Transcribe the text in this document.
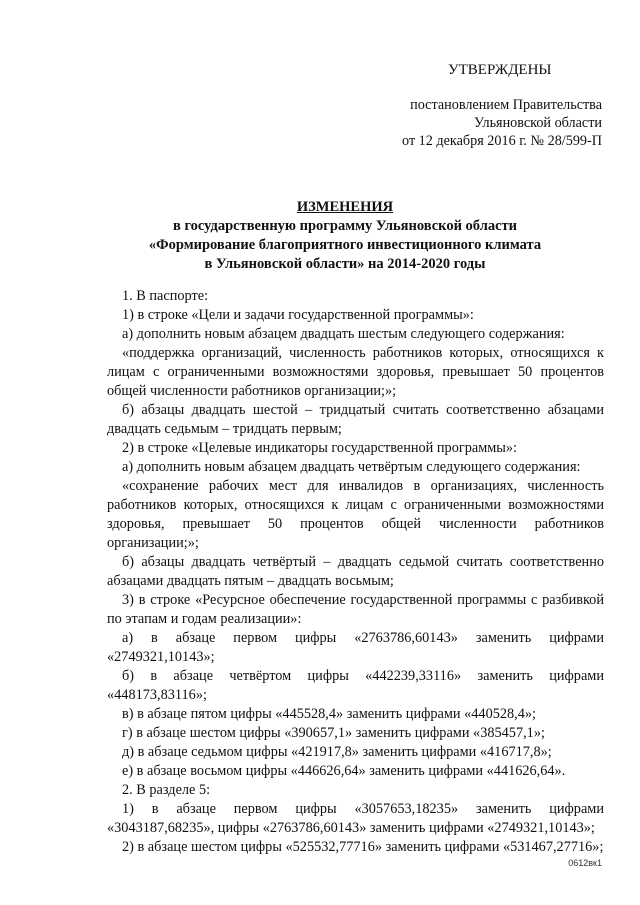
УТВЕРЖДЕНЫ
постановлением Правительства
Ульяновской области
от 12 декабря 2016 г. № 28/599-П
ИЗМЕНЕНИЯ
в государственную программу Ульяновской области
«Формирование благоприятного инвестиционного климата
в Ульяновской области» на 2014-2020 годы

1. В паспорте:

1) в строке «Цели и задачи государственной программы»:

а) дополнить новым абзацем двадцать шестым следующего содержания:

«поддержка организаций, численность работников которых, относящихся к лицам с ограниченными возможностями здоровья, превышает 50 процентов общей численности работников организации;»;

б) абзацы двадцать шестой – тридцатый считать соответственно абзацами двадцать седьмым – тридцать первым;

2) в строке «Целевые индикаторы государственной программы»:

а) дополнить новым абзацем двадцать четвёртым следующего содержания:

«сохранение рабочих мест для инвалидов в организациях, численность работников которых, относящихся к лицам с ограниченными возможностями здоровья, превышает 50 процентов общей численности работников организации;»;

б) абзацы двадцать четвёртый – двадцать седьмой считать соответственно абзацами двадцать пятым – двадцать восьмым;

3) в строке «Ресурсное обеспечение государственной программы с разбивкой по этапам и годам реализации»:

а) в абзаце первом цифры «2763786,60143» заменить цифрами «2749321,10143»;

б) в абзаце четвёртом цифры «442239,33116» заменить цифрами «448173,83116»;

в) в абзаце пятом цифры «445528,4» заменить цифрами «440528,4»;

г) в абзаце шестом цифры «390657,1» заменить цифрами «385457,1»;

д) в абзаце седьмом цифры «421917,8» заменить цифрами «416717,8»;

е) в абзаце восьмом цифры «446626,64» заменить цифрами «441626,64».

2. В разделе 5:

1) в абзаце первом цифры «3057653,18235» заменить цифрами «3043187,68235», цифры «2763786,60143» заменить цифрами «2749321,10143»;

2) в абзаце шестом цифры «525532,77716» заменить цифрами «531467,27716»;

0612вк1
